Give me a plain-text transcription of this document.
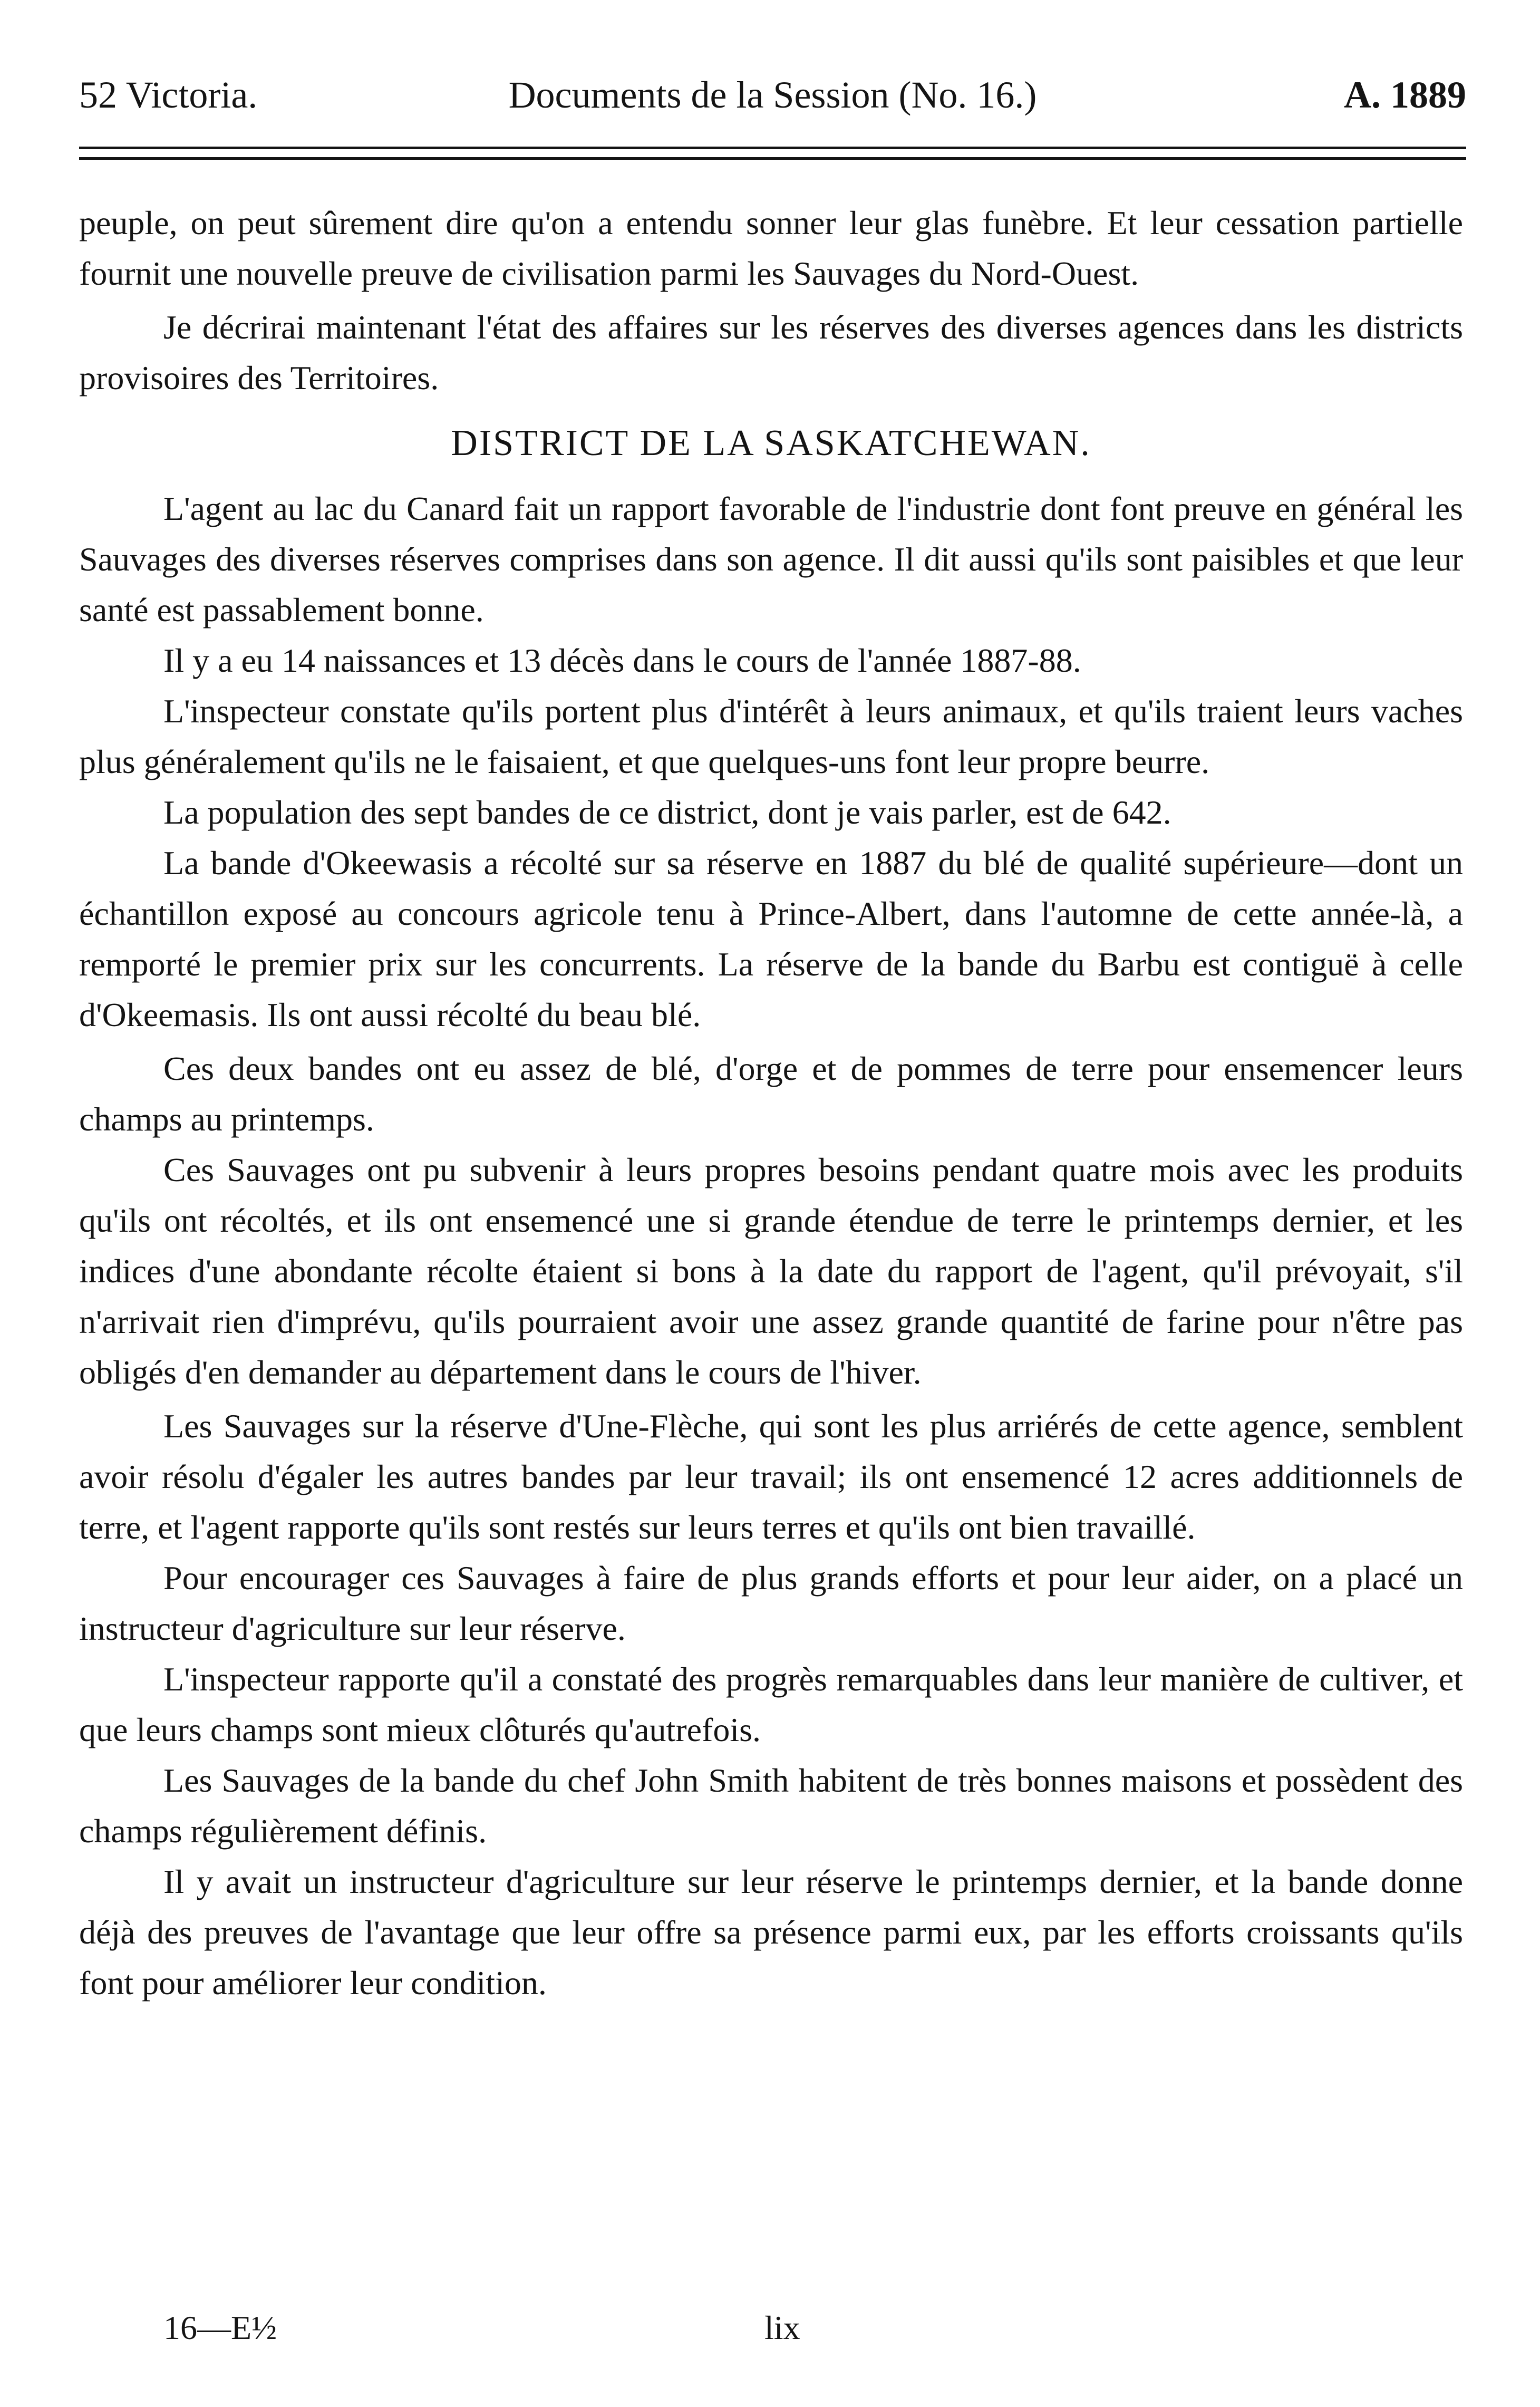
52 Victoria.	Documents de la Session (No. 16.)	A. 1889

peuple, on peut sûrement dire qu'on a entendu sonner leur glas funèbre. Et leur cessation partielle fournit une nouvelle preuve de civilisation parmi les Sauvages du Nord-Ouest.

Je décrirai maintenant l'état des affaires sur les réserves des diverses agences dans les districts provisoires des Territoires.

DISTRICT DE LA SASKATCHEWAN.

L'agent au lac du Canard fait un rapport favorable de l'industrie dont font preuve en général les Sauvages des diverses réserves comprises dans son agence. Il dit aussi qu'ils sont paisibles et que leur santé est passablement bonne.

Il y a eu 14 naissances et 13 décès dans le cours de l'année 1887-88.

L'inspecteur constate qu'ils portent plus d'intérêt à leurs animaux, et qu'ils traient leurs vaches plus généralement qu'ils ne le faisaient, et que quelques-uns font leur propre beurre.

La population des sept bandes de ce district, dont je vais parler, est de 642.

La bande d'Okeewasis a récolté sur sa réserve en 1887 du blé de qualité supérieure—dont un échantillon exposé au concours agricole tenu à Prince-Albert, dans l'automne de cette année-là, a remporté le premier prix sur les concurrents. La réserve de la bande du Barbu est contiguë à celle d'Okeemasis. Ils ont aussi récolté du beau blé.

Ces deux bandes ont eu assez de blé, d'orge et de pommes de terre pour ensemencer leurs champs au printemps.

Ces Sauvages ont pu subvenir à leurs propres besoins pendant quatre mois avec les produits qu'ils ont récoltés, et ils ont ensemencé une si grande étendue de terre le printemps dernier, et les indices d'une abondante récolte étaient si bons à la date du rapport de l'agent, qu'il prévoyait, s'il n'arrivait rien d'imprévu, qu'ils pourraient avoir une assez grande quantité de farine pour n'être pas obligés d'en demander au département dans le cours de l'hiver.

Les Sauvages sur la réserve d'Une-Flèche, qui sont les plus arriérés de cette agence, semblent avoir résolu d'égaler les autres bandes par leur travail; ils ont ensemencé 12 acres additionnels de terre, et l'agent rapporte qu'ils sont restés sur leurs terres et qu'ils ont bien travaillé.

Pour encourager ces Sauvages à faire de plus grands efforts et pour leur aider, on a placé un instructeur d'agriculture sur leur réserve.

L'inspecteur rapporte qu'il a constaté des progrès remarquables dans leur manière de cultiver, et que leurs champs sont mieux clôturés qu'autrefois.

Les Sauvages de la bande du chef John Smith habitent de très bonnes maisons et possèdent des champs régulièrement définis.

Il y avait un instructeur d'agriculture sur leur réserve le printemps dernier, et la bande donne déjà des preuves de l'avantage que leur offre sa présence parmi eux, par les efforts croissants qu'ils font pour améliorer leur condition.

16—E½	lix
